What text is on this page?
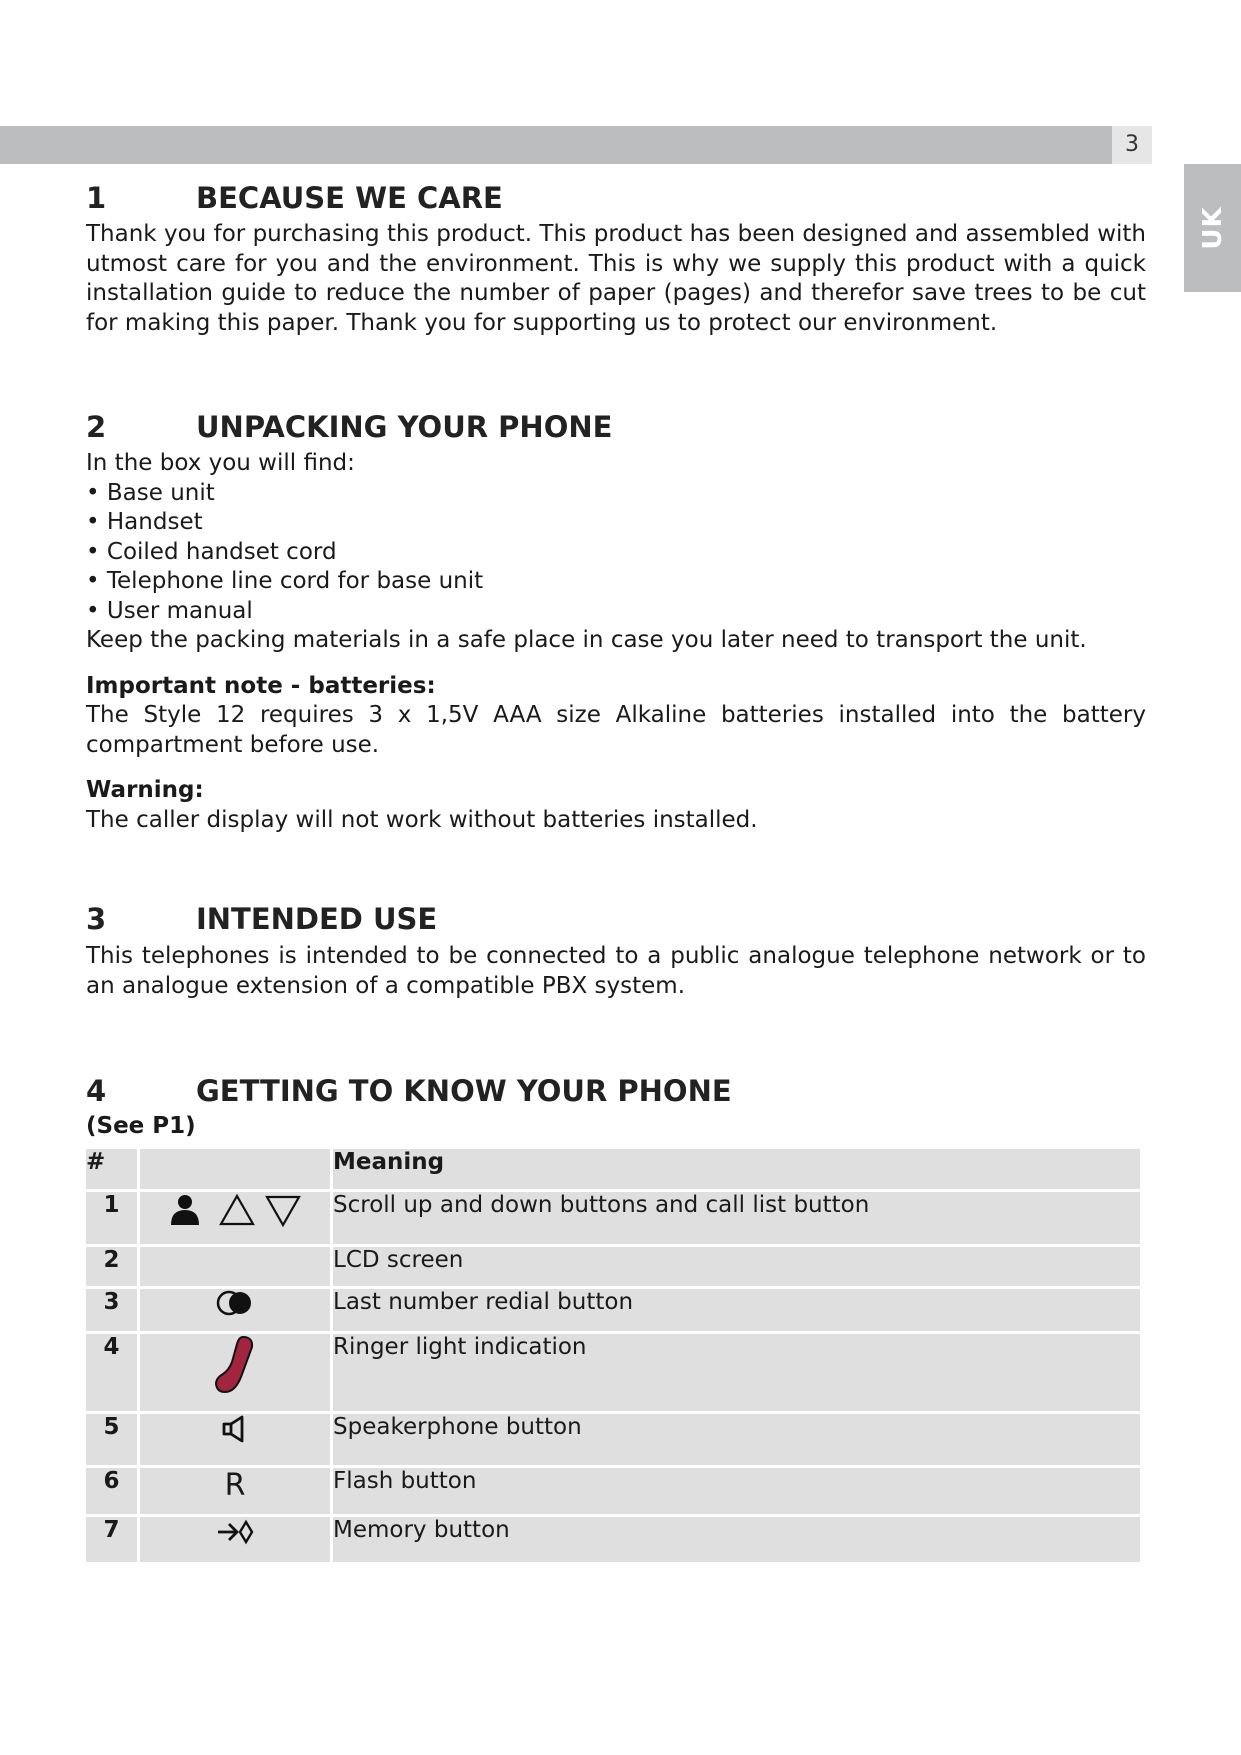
3
UK
1	BECAUSE WE CARE

Thank you for purchasing this product. This product has been designed and assembled with utmost care for you and the environment. This is why we supply this product with a quick installation guide to reduce the number of paper (pages) and therefor save trees to be cut for making this paper. Thank you for supporting us to protect our environment.

2	UNPACKING YOUR PHONE

In the box you will find:

• Base unit
• Handset
• Coiled handset cord
• Telephone line cord for base unit
• User manual

Keep the packing materials in a safe place in case you later need to transport the unit.

Important note - batteries:

The Style 12 requires 3 x 1,5V AAA size Alkaline batteries installed into the battery compartment before use.

Warning:

The caller display will not work without batteries installed.

3	INTENDED USE

This telephones is intended to be connected to a public analogue telephone network or to an analogue extension of a compatible PBX system.

4	GETTING TO KNOW YOUR PHONE

(See P1)

#		Meaning
1		Scroll up and down buttons and call list button
2		LCD screen
3		Last number redial button
4		Ringer light indication
5		Speakerphone button
6	R	Flash button
7		Memory button
